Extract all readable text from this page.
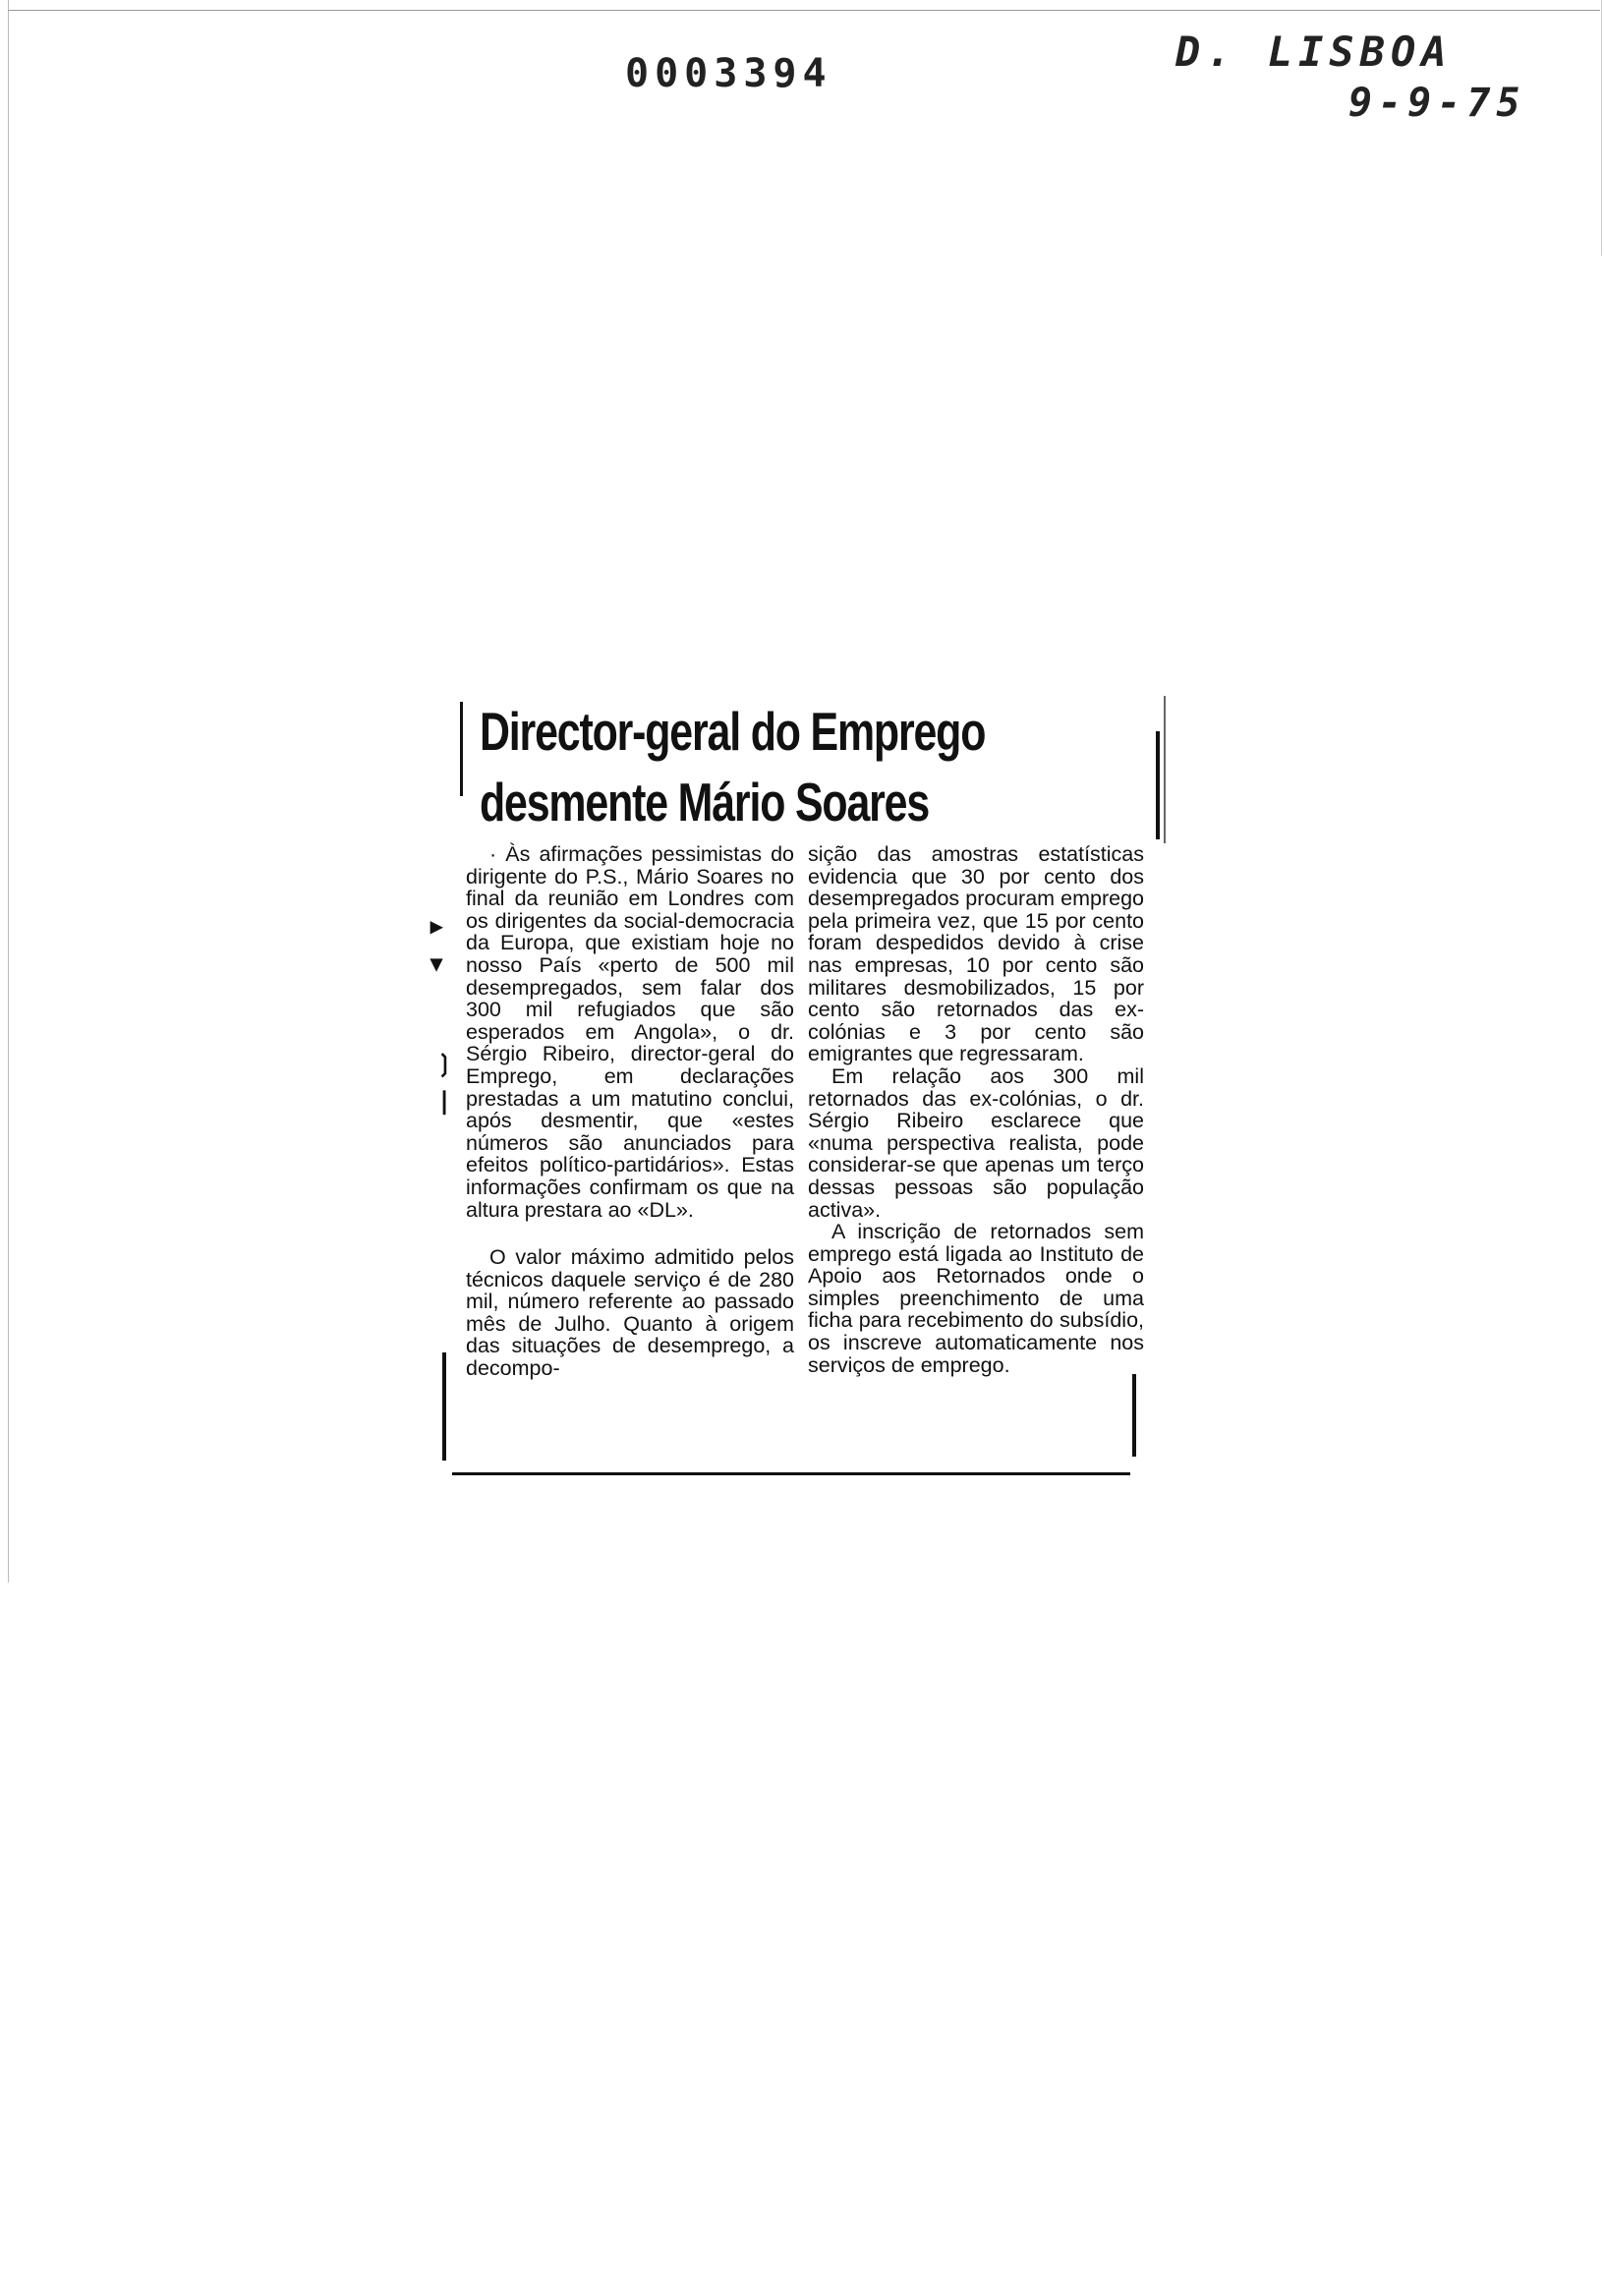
0003394	D. LISBOA
9-9-75
Director-geral do Emprego
desmente Mário Soares

· Às afirmações pessimistas do dirigente do P.S., Mário Soares no final da reunião em Londres com os dirigentes da social-democracia da Europa, que existiam hoje no nosso País «perto de 500 mil desempregados, sem falar dos 300 mil refugiados que são esperados em Angola», o dr. Sérgio Ribeiro, director-geral do Emprego, em declarações prestadas a um matutino conclui, após desmentir, que «estes números são anunciados para efeitos político-partidários». Estas informações confirmam os que na altura prestara ao «DL».

O valor máximo admitido pelos técnicos daquele serviço é de 280 mil, número referente ao passado mês de Julho. Quanto à origem das situações de desemprego, a decompo-

sição das amostras estatísticas evidencia que 30 por cento dos desempregados procuram emprego pela primeira vez, que 15 por cento foram despedidos devido à crise nas empresas, 10 por cento são militares desmobilizados, 15 por cento são retornados das ex-colónias e 3 por cento são emigrantes que regressaram.

Em relação aos 300 mil retornados das ex-colónias, o dr. Sérgio Ribeiro esclarece que «numa perspectiva realista, pode considerar-se que apenas um terço dessas pessoas são população activa».

A inscrição de retornados sem emprego está ligada ao Instituto de Apoio aos Retornados onde o simples preenchimento de uma ficha para recebimento do subsídio, os inscreve automaticamente nos serviços de emprego.

▸
▾
❳
❘
